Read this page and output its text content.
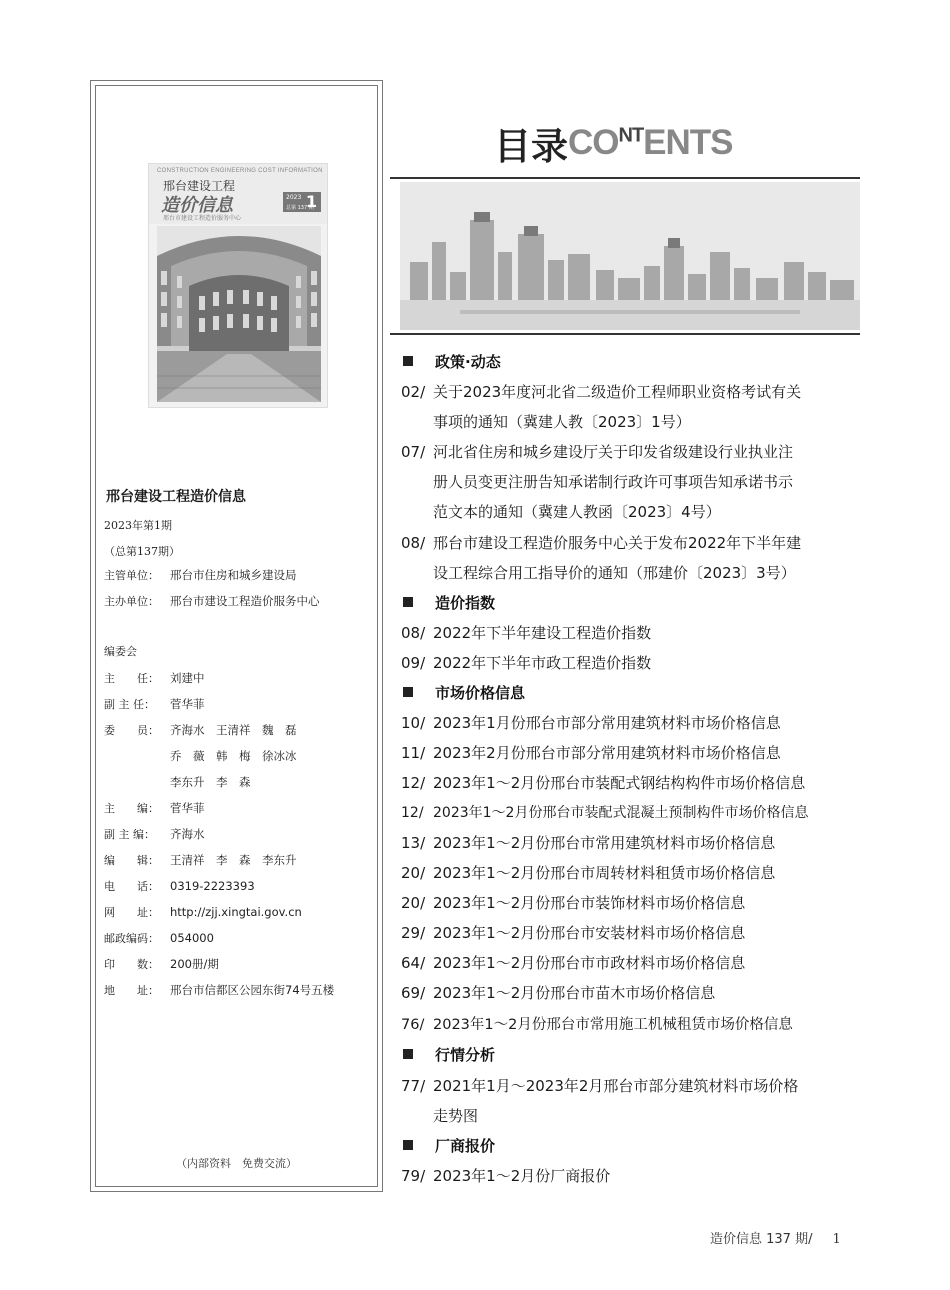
CONSTRUCTION ENGINEERING COST INFORMATION
邢台建设工程
造价信息
邢台市建设工程造价服务中心
2023 1
总第 137 期
邢台建设工程造价信息
2023年第1期
（总第137期）
主管单位： 邢台市住房和城乡建设局
主办单位： 邢台市建设工程造价服务中心
编委会
主　　任： 刘建中
副 主 任： 菅华菲
委　　员： 齐海水　王清祥　魏　磊
乔　薇　韩　梅　徐冰冰
李东升　李　森
主　　编： 菅华菲
副 主 编： 齐海水
编　　辑： 王清祥　李　森　李东升
电　　话： 0319-2223393
网　　址： http://zjj.xingtai.gov.cn
邮政编码： 054000
印　　数： 200册/期
地　　址： 邢台市信都区公园东街74号五楼
（内部资料　免费交流）
目录CONTENTS
政策·动态
02/ 关于2023年度河北省二级造价工程师职业资格考试有关
事项的通知（冀建人教〔2023〕1号）
07/ 河北省住房和城乡建设厅关于印发省级建设行业执业注
册人员变更注册告知承诺制行政许可事项告知承诺书示
范文本的通知（冀建人教函〔2023〕4号）
08/ 邢台市建设工程造价服务中心关于发布2022年下半年建
设工程综合用工指导价的通知（邢建价〔2023〕3号）
造价指数
08/ 2022年下半年建设工程造价指数
09/ 2022年下半年市政工程造价指数
市场价格信息
10/ 2023年1月份邢台市部分常用建筑材料市场价格信息
11/ 2023年2月份邢台市部分常用建筑材料市场价格信息
12/ 2023年1～2月份邢台市装配式钢结构构件市场价格信息
12/ 2023年1～2月份邢台市装配式混凝土预制构件市场价格信息
13/ 2023年1～2月份邢台市常用建筑材料市场价格信息
20/ 2023年1～2月份邢台市周转材料租赁市场价格信息
20/ 2023年1～2月份邢台市装饰材料市场价格信息
29/ 2023年1～2月份邢台市安装材料市场价格信息
64/ 2023年1～2月份邢台市市政材料市场价格信息
69/ 2023年1～2月份邢台市苗木市场价格信息
76/ 2023年1～2月份邢台市常用施工机械租赁市场价格信息
行情分析
77/ 2021年1月～2023年2月邢台市部分建筑材料市场价格
走势图
厂商报价
79/ 2023年1～2月份厂商报价
造价信息 137 期/ 1
